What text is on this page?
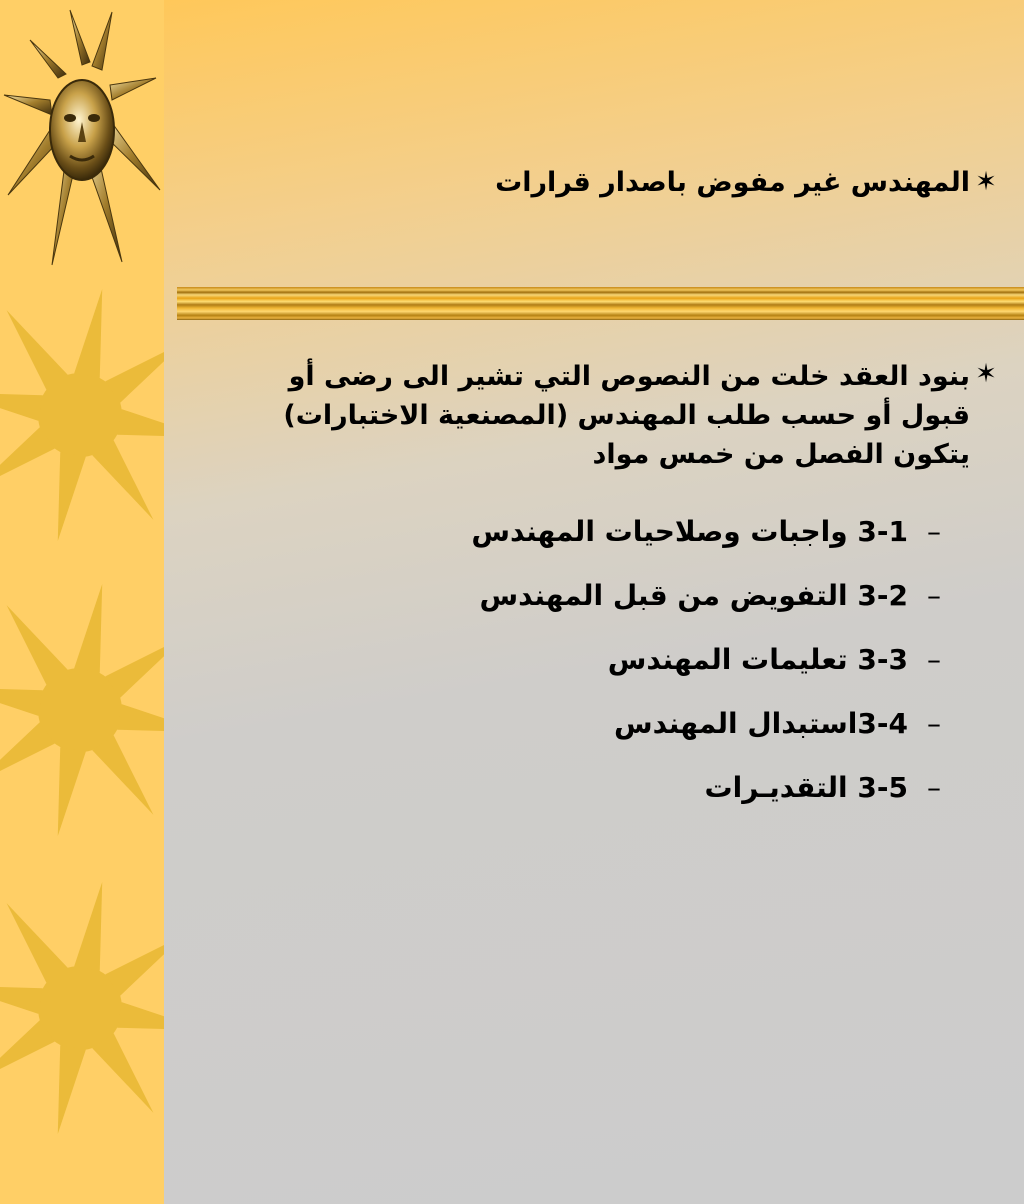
✶
المهندس غير مفوض باصدار قرارات
✶
بنود العقد خلت من النصوص التي تشير الى رضى أو قبول أو حسب طلب المهندس (المصنعية الاختبارات) يتكون الفصل من خمس مواد
–
3-1 واجبات وصلاحيات المهندس
–
3-2 التفويض من قبل المهندس
–
3-3 تعليمات المهندس
–
3-4استبدال المهندس
–
3-5 التقديـرات
